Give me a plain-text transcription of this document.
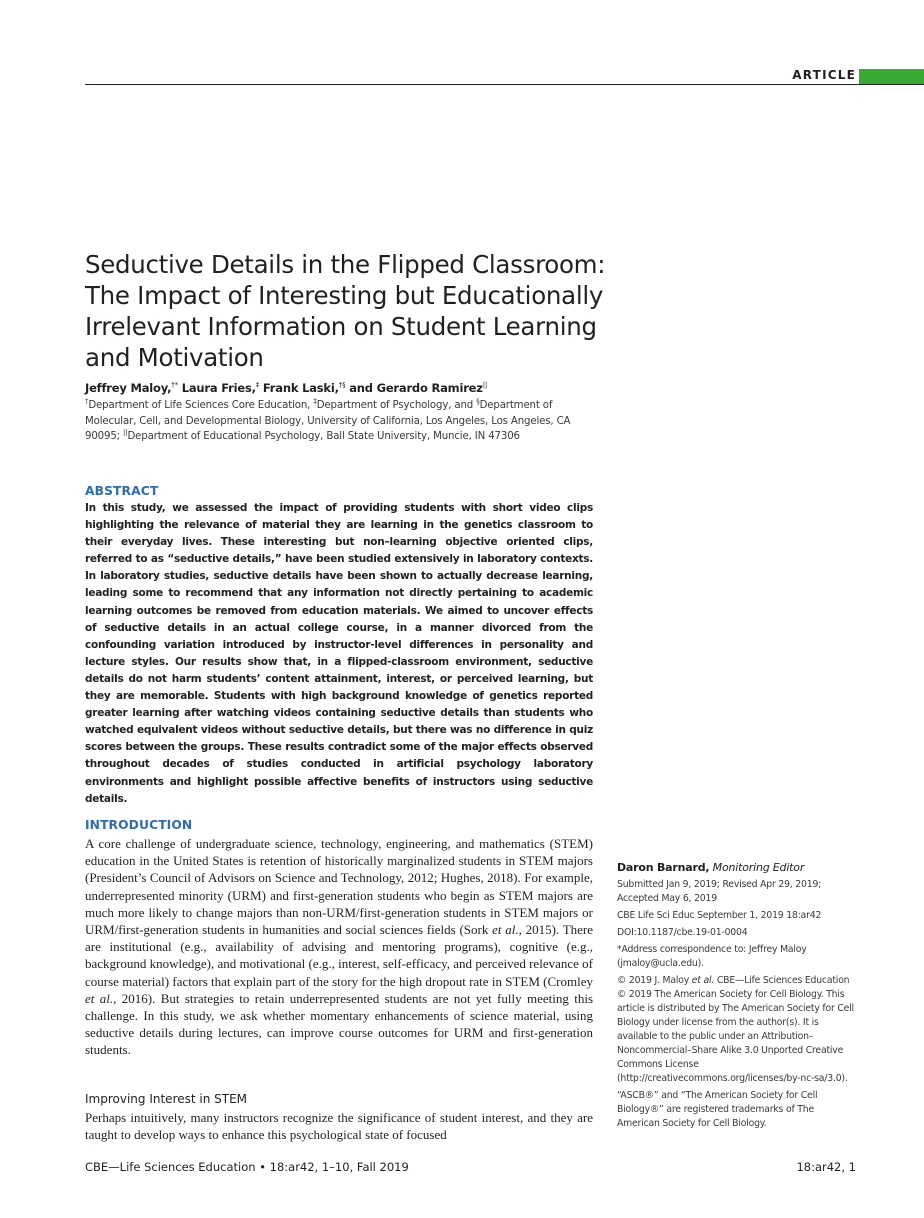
ARTICLE
Seductive Details in the Flipped Classroom: The Impact of Interesting but Educationally Irrelevant Information on Student Learning and Motivation
Jeffrey Maloy,†* Laura Fries,‡ Frank Laski,†§ and Gerardo Ramirez||
†Department of Life Sciences Core Education, ‡Department of Psychology, and §Department of Molecular, Cell, and Developmental Biology, University of California, Los Angeles, Los Angeles, CA 90095; ||Department of Educational Psychology, Ball State University, Muncie, IN 47306
ABSTRACT

In this study, we assessed the impact of providing students with short video clips highlighting the relevance of material they are learning in the genetics classroom to their everyday lives. These interesting but non–learning objective oriented clips, referred to as “seductive details,” have been studied extensively in laboratory contexts. In laboratory studies, seductive details have been shown to actually decrease learning, leading some to recommend that any information not directly pertaining to academic learning outcomes be removed from education materials. We aimed to uncover effects of seductive details in an actual college course, in a manner divorced from the confounding variation introduced by instructor-level differences in personality and lecture styles. Our results show that, in a flipped-classroom environment, seductive details do not harm students’ content attainment, interest, or perceived learning, but they are memorable. Students with high background knowledge of genetics reported greater learning after watching videos containing seductive details than students who watched equivalent videos without seductive details, but there was no difference in quiz scores between the groups. These results contradict some of the major effects observed throughout decades of studies conducted in artificial psychology laboratory environments and highlight possible affective benefits of instructors using seductive details.

INTRODUCTION

A core challenge of undergraduate science, technology, engineering, and mathematics (STEM) education in the United States is retention of historically marginalized students in STEM majors (President’s Council of Advisors on Science and Technology, 2012; Hughes, 2018). For example, underrepresented minority (URM) and first-generation students who begin as STEM majors are much more likely to change majors than non-URM/first-generation students in STEM majors or URM/first-generation students in humanities and social sciences fields (Sork et al., 2015). There are institutional (e.g., availability of advising and mentoring programs), cognitive (e.g., background knowledge), and motivational (e.g., interest, self-efficacy, and perceived relevance of course material) factors that explain part of the story for the high dropout rate in STEM (Cromley et al., 2016). But strategies to retain underrepresented students are not yet fully meeting this challenge. In this study, we ask whether momentary enhancements of science material, using seductive details during lectures, can improve course outcomes for URM and first-generation students.

Improving Interest in STEM

Perhaps intuitively, many instructors recognize the significance of student interest, and they are taught to develop ways to enhance this psychological state of focused

Daron Barnard, Monitoring Editor

Submitted Jan 9, 2019; Revised Apr 29, 2019; Accepted May 6, 2019

CBE Life Sci Educ September 1, 2019 18:ar42

DOI:10.1187/cbe.19-01-0004

*Address correspondence to: Jeffrey Maloy (jmaloy@ucla.edu).

© 2019 J. Maloy et al. CBE—Life Sciences Education © 2019 The American Society for Cell Biology. This article is distributed by The American Society for Cell Biology under license from the author(s). It is available to the public under an Attribution–Noncommercial–Share Alike 3.0 Unported Creative Commons License (http://creativecommons.org/licenses/by-nc-sa/3.0).

“ASCB®” and “The American Society for Cell Biology®” are registered trademarks of The American Society for Cell Biology.

CBE—Life Sciences Education • 18:ar42, 1–10, Fall 2019	18:ar42, 1
